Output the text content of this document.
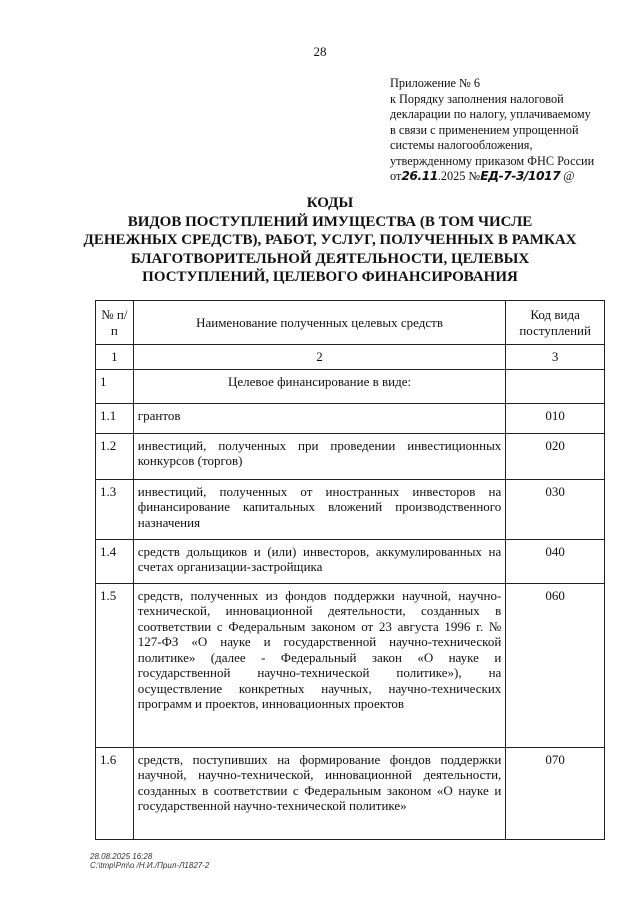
28
Приложение № 6
к Порядку заполнения налоговой
декларации по налогу, уплачиваемому
в связи с применением упрощенной
системы налогообложения,
утвержденному приказом ФНС России
от26.11.2025 №ЕД-7-3/1017 @
КОДЫ
ВИДОВ ПОСТУПЛЕНИЙ ИМУЩЕСТВА (В ТОМ ЧИСЛЕ
ДЕНЕЖНЫХ СРЕДСТВ), РАБОТ, УСЛУГ, ПОЛУЧЕННЫХ В РАМКАХ
БЛАГОТВОРИТЕЛЬНОЙ ДЕЯТЕЛЬНОСТИ, ЦЕЛЕВЫХ
ПОСТУПЛЕНИЙ, ЦЕЛЕВОГО ФИНАНСИРОВАНИЯ
№ п/п	Наименование полученных целевых средств	Код вида поступлений
1	2	3
1	Целевое финансирование в виде:	
1.1	грантов	010
1.2	инвестиций, полученных при проведении инвестиционных конкурсов (торгов)	020
1.3	инвестиций, полученных от иностранных инвесторов на финансирование капитальных вложений производственного назначения	030
1.4	средств дольщиков и (или) инвесторов, аккумулированных на счетах организации-застройщика	040
1.5	средств, полученных из фондов поддержки научной, научно-технической, инновационной деятельности, созданных в соответствии с Федеральным законом от 23 августа 1996 г. № 127-ФЗ «О науке и государственной научно-технической политике» (далее - Федеральный закон «О науке и государственной научно-технической политике»), на осуществление конкретных научных, научно-технических программ и проектов, инновационных проектов	060
1.6	средств, поступивших на формирование фондов поддержки научной, научно-технической, инновационной деятельности, созданных в соответствии с Федеральным законом «О науке и государственной научно-технической политике»	070
28.08.2025 16:28
C:\tmp\Рт\o /Н.И./Прил-Л1827-2
